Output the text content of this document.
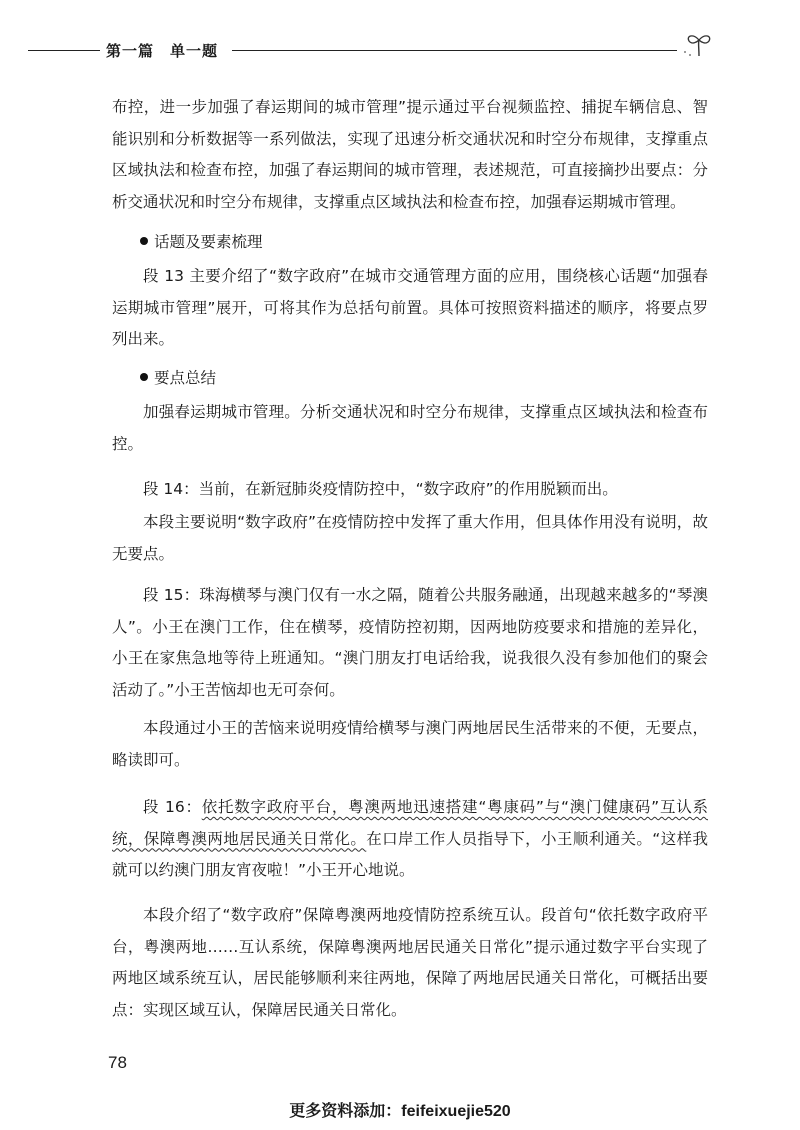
第一篇　单一题

布控，进一步加强了春运期间的城市管理”提示通过平台视频监控、捕捉车辆信息、智能识别和分析数据等一系列做法，实现了迅速分析交通状况和时空分布规律，支撑重点区域执法和检查布控，加强了春运期间的城市管理，表述规范，可直接摘抄出要点：分析交通状况和时空分布规律，支撑重点区域执法和检查布控，加强春运期城市管理。

话题及要素梳理

段 13 主要介绍了“数字政府”在城市交通管理方面的应用，围绕核心话题“加强春运期城市管理”展开，可将其作为总括句前置。具体可按照资料描述的顺序，将要点罗列出来。

要点总结

加强春运期城市管理。分析交通状况和时空分布规律，支撑重点区域执法和检查布控。

段 14：当前，在新冠肺炎疫情防控中，“数字政府”的作用脱颖而出。

本段主要说明“数字政府”在疫情防控中发挥了重大作用，但具体作用没有说明，故无要点。

段 15：珠海横琴与澳门仅有一水之隔，随着公共服务融通，出现越来越多的“琴澳人”。小王在澳门工作，住在横琴，疫情防控初期，因两地防疫要求和措施的差异化，小王在家焦急地等待上班通知。“澳门朋友打电话给我，说我很久没有参加他们的聚会活动了。”小王苦恼却也无可奈何。

本段通过小王的苦恼来说明疫情给横琴与澳门两地居民生活带来的不便，无要点，略读即可。

段 16：依托数字政府平台，粤澳两地迅速搭建“粤康码”与“澳门健康码”互认系统，保障粤澳两地居民通关日常化。在口岸工作人员指导下，小王顺利通关。“这样我就可以约澳门朋友宵夜啦！”小王开心地说。

本段介绍了“数字政府”保障粤澳两地疫情防控系统互认。段首句“依托数字政府平台，粤澳两地……互认系统，保障粤澳两地居民通关日常化”提示通过数字平台实现了两地区域系统互认，居民能够顺利来往两地，保障了两地居民通关日常化，可概括出要点：实现区域互认，保障居民通关日常化。

78
更多资料添加：feifeixuejie520
